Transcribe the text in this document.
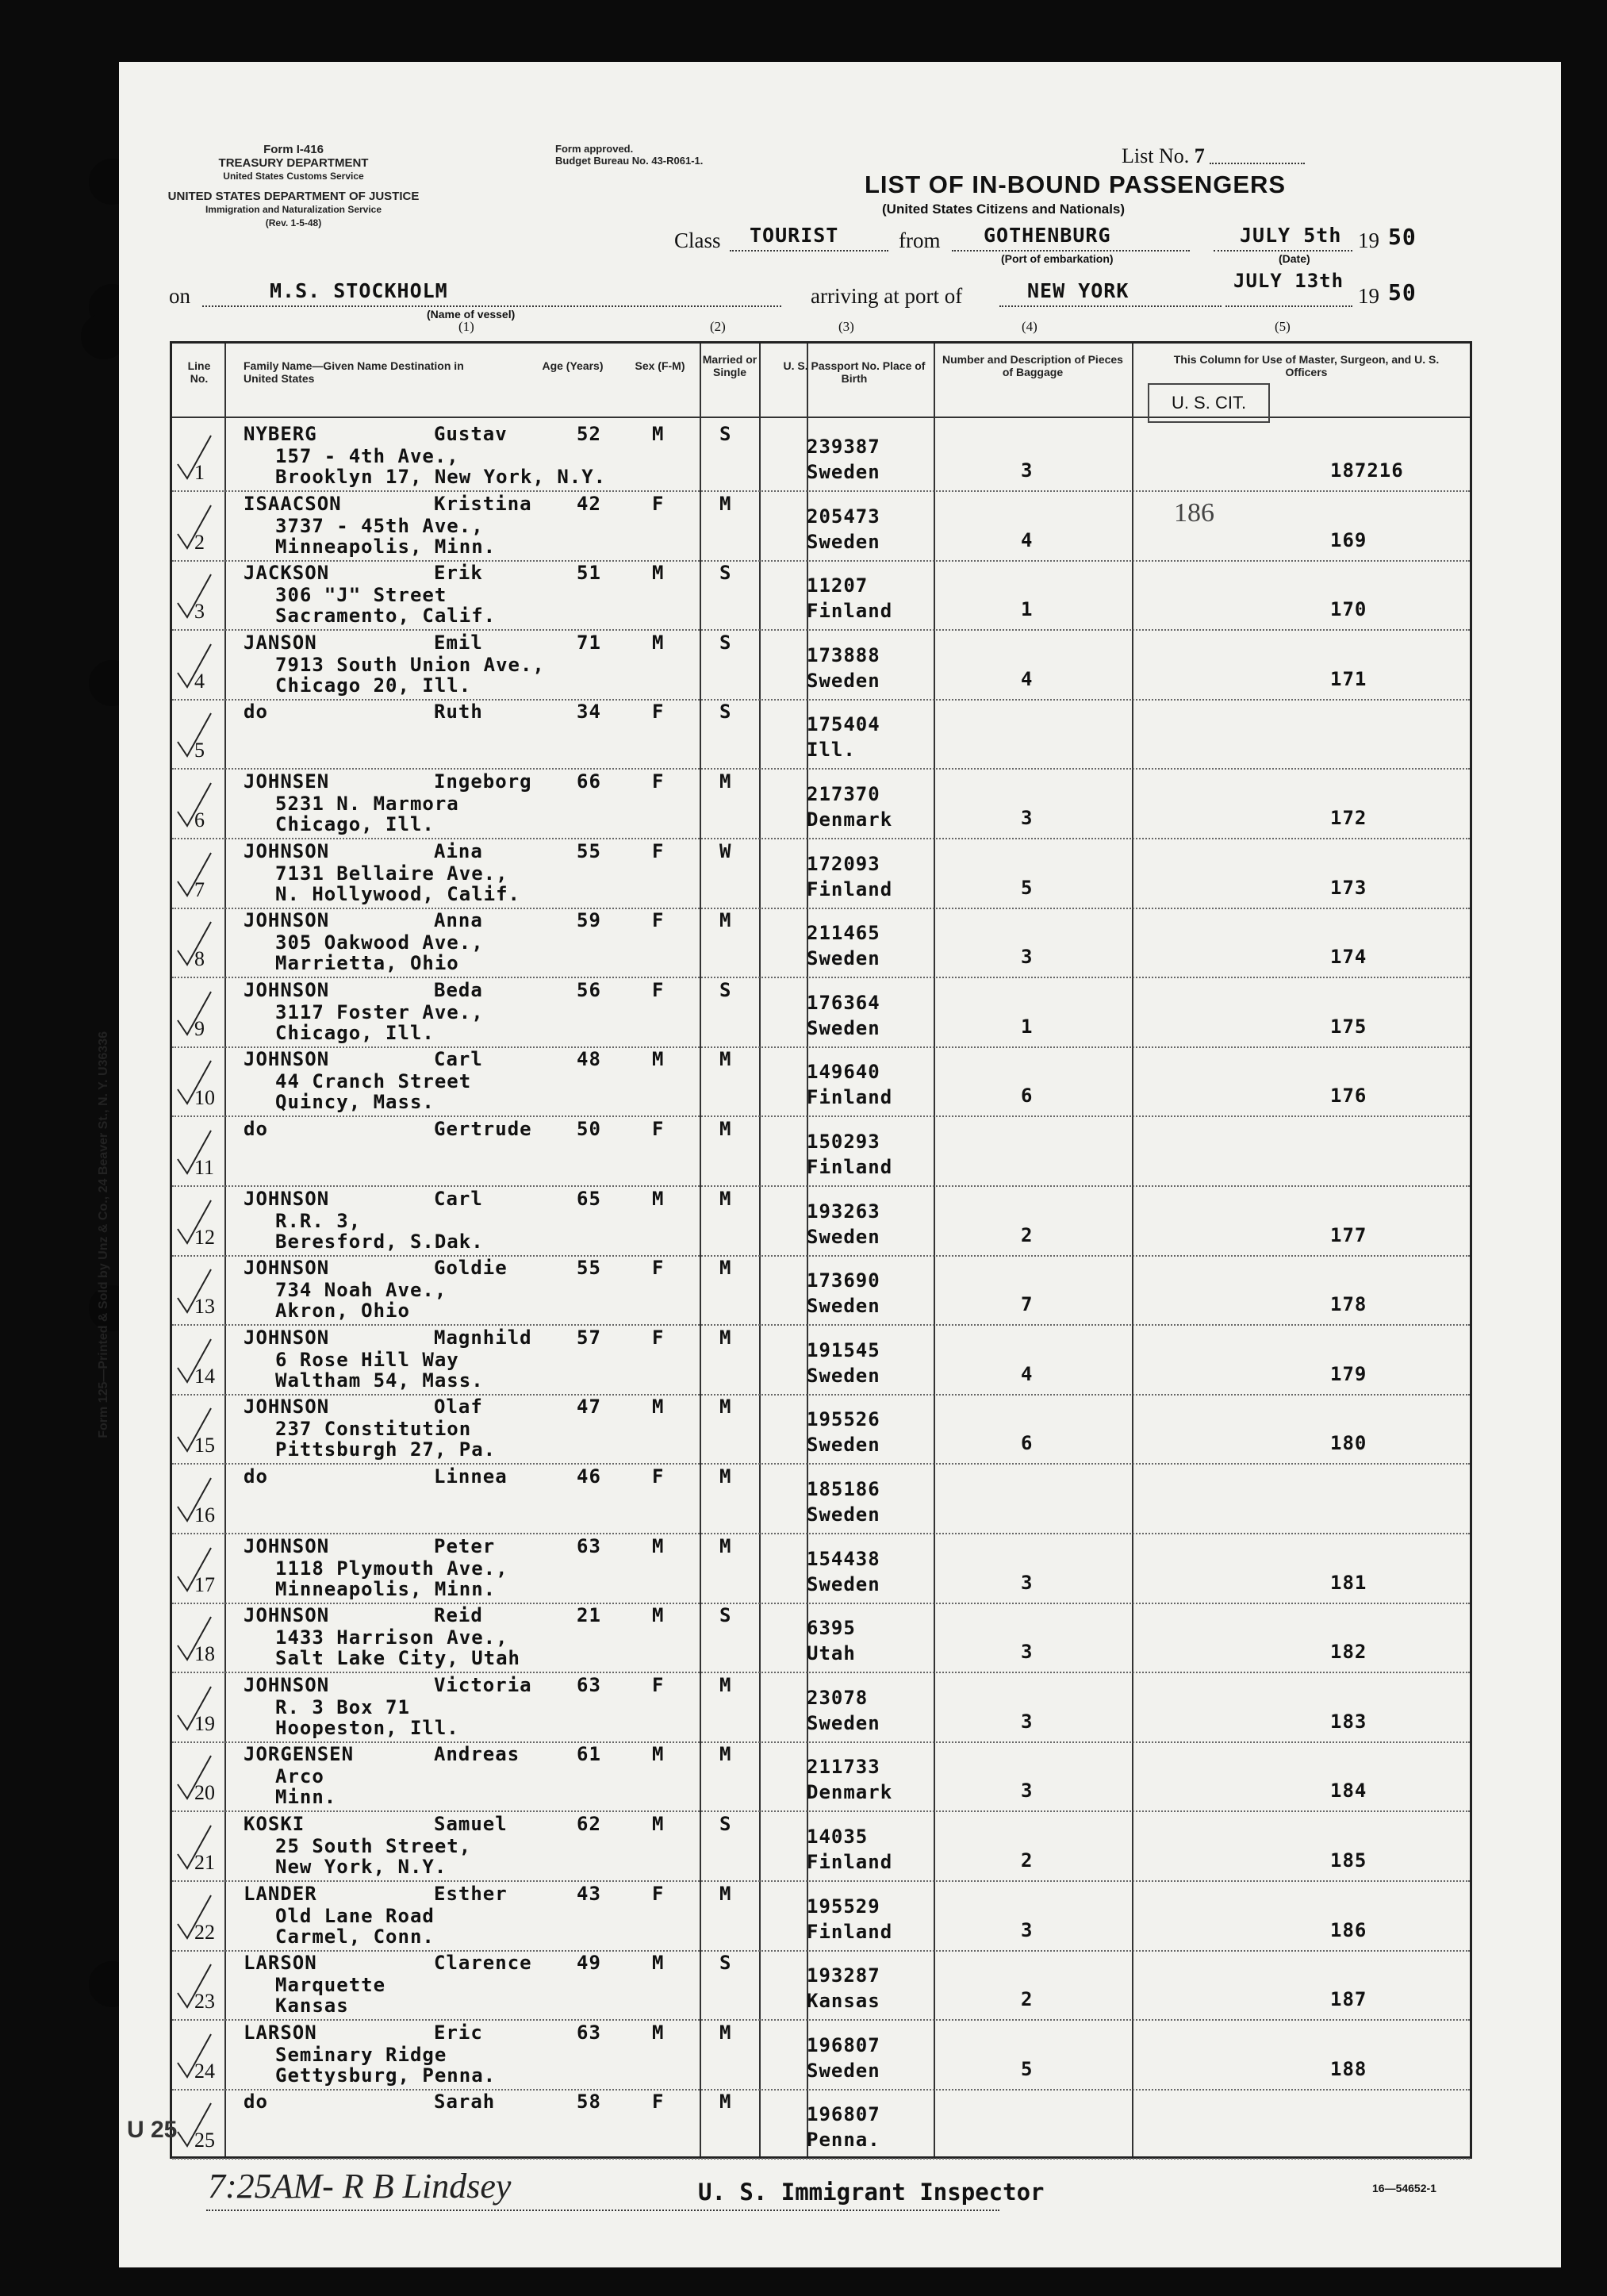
Form 125—Printed & Sold by Unz & Co., 24 Beaver St., N. Y. U36336
Form I-416
TREASURY DEPARTMENT
United States Customs Service
UNITED STATES DEPARTMENT OF JUSTICE
Immigration and Naturalization Service
(Rev. 1-5-48)
Form approved.
Budget Bureau No. 43-R061-1.	List No. 7
LIST OF IN-BOUND PASSENGERS
(United States Citizens and Nationals)
Class TOURIST	from GOTHENBURG
(Port of embarkation)
JULY 5th 19 50
(Date)
on	M.S. STOCKHOLM
(Name of vessel)
arriving at port of	NEW YORK	JULY 13th
19 50
(1)	(2)	(3)	(4)	(5)
Line No.
Family Name—Given Name Destination in United States
Age (Years)	Sex (F-M) Married or Single	U. S. Passport No. Place of Birth
Number and Description of Pieces of Baggage
This Column for Use of Master, Surgeon, and U. S. Officers
1
NYBERG	Gustav	52	M	S
157 - 4th Ave.,
Brooklyn 17, New York, N.Y.
239387
Sweden	3	187216
2
ISAACSON	Kristina 42	F	M
3737 - 45th Ave.,
Minneapolis, Minn.
205473
Sweden	4	169
3
JACKSON	Erik	51	M	S
306 "J" Street
Sacramento, Calif.
11207
Finland	1	170
4
JANSON	Emil	71	M	S
7913 South Union Ave.,
Chicago 20, Ill.
173888
Sweden	4	171
5
do	Ruth	34	F	S
175404
Ill.
6
JOHNSEN	Ingeborg 66	F	M
5231 N. Marmora
Chicago, Ill.
217370
Denmark	3	172
7
JOHNSON	Aina	55	F	W
7131 Bellaire Ave.,
N. Hollywood, Calif.
172093
Finland	5	173
8
JOHNSON	Anna	59	F	M
305 Oakwood Ave.,
Marrietta, Ohio
211465
Sweden	3	174
9
JOHNSON	Beda	56	F	S
3117 Foster Ave.,
Chicago, Ill.
176364
Sweden	1	175
10
JOHNSON	Carl	48	M	M
44 Cranch Street
Quincy, Mass.
149640
Finland	6	176
11
do	Gertrude 50	F	M
150293
Finland
12
JOHNSON	Carl	65	M	M
R.R. 3,
Beresford, S.Dak.
193263
Sweden	2	177
13
JOHNSON	Goldie	55	F	M
734 Noah Ave.,
Akron, Ohio
173690
Sweden	7	178
14
JOHNSON	Magnhild 57	F	M
6 Rose Hill Way
Waltham 54, Mass.
191545
Sweden	4	179
15
JOHNSON	Olaf	47	M	M
237 Constitution
Pittsburgh 27, Pa.
195526
Sweden	6	180
16
do	Linnea	46	F	M
185186
Sweden
17
JOHNSON	Peter	63	M	M
1118 Plymouth Ave.,
Minneapolis, Minn.
154438
Sweden	3	181
18
JOHNSON	Reid	21	M	S
1433 Harrison Ave.,
Salt Lake City, Utah
6395
Utah	3	182
19
JOHNSON	Victoria 63	F	M
R. 3 Box 71
Hoopeston, Ill.
23078
Sweden	3	183
20
JORGENSEN	Andreas	61	M	M
Arco
Minn.
211733
Denmark	3	184
21
KOSKI	Samuel	62	M	S
25 South Street,
New York, N.Y.
14035
Finland	2	185
22
LANDER	Esther	43	F	M
Old Lane Road
Carmel, Conn.
195529
Finland	3	186
23
LARSON	Clarence 49	M	S
Marquette
Kansas
193287
Kansas	2	187
24
LARSON	Eric	63	M	M
Seminary Ridge
Gettysburg, Penna.
196807
Sweden	5	188
25
do	Sarah	58	F	M
196807
Penna.
U. S. CIT.
186
U 25
7:25AM- R B Lindsey	U. S. Immigrant Inspector	16—54652-1
